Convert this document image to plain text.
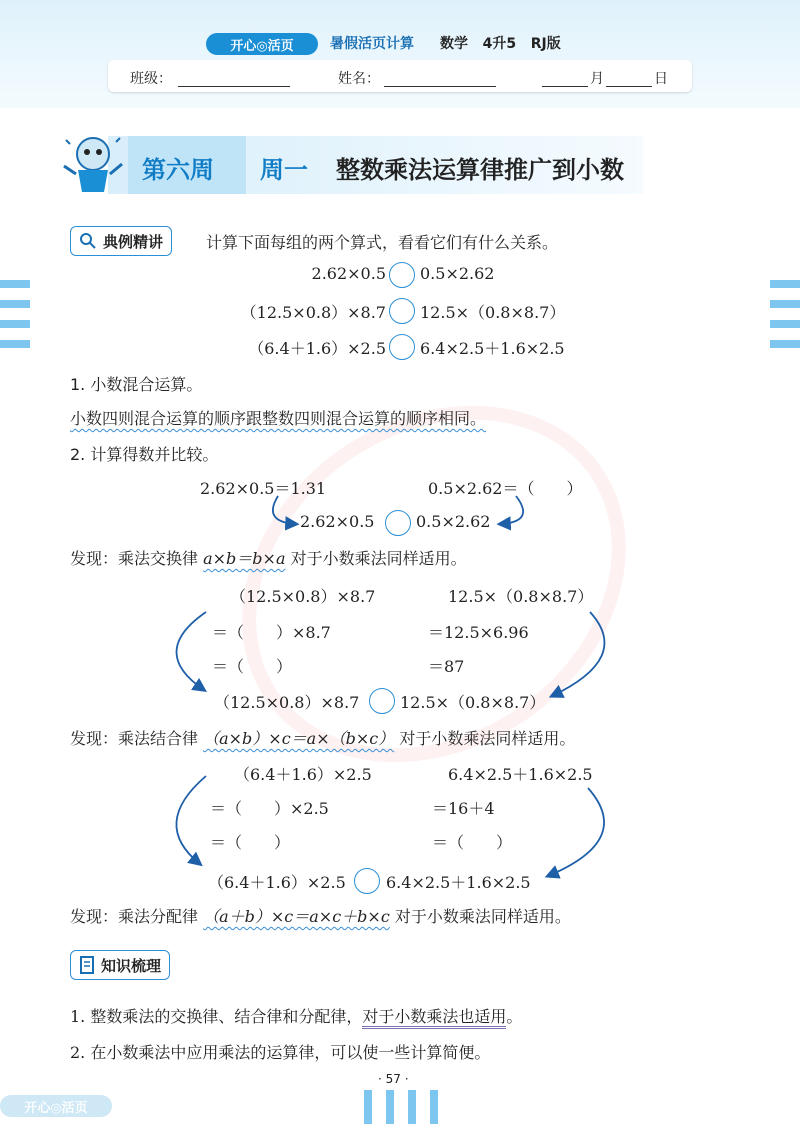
开心◎活页	暑假活页计算 数学 4升5 RJ版
班级：	姓名：	月	日
第六周 周一 整数乘法运算律推广到小数
典例精讲	计算下面每组的两个算式，看看它们有什么关系。
2.62×0.5 0.5×2.62
（12.5×0.8）×8.7 12.5×（0.8×8.7）
（6.4＋1.6）×2.5 6.4×2.5＋1.6×2.5
1. 小数混合运算。
小数四则混合运算的顺序跟整数四则混合运算的顺序相同。
2. 计算得数并比较。
2.62×0.5＝1.31	0.5×2.62＝（　　）
2.62×0.5	0.5×2.62
发现：乘法交换律 a×b＝b×a 对于小数乘法同样适用。
（12.5×0.8）×8.7	12.5×（0.8×8.7）
＝（　　）×8.7	＝12.5×6.96
＝（　　）	＝87
（12.5×0.8）×8.7	12.5×（0.8×8.7）
发现：乘法结合律 （a×b）×c＝a×（b×c） 对于小数乘法同样适用。
（6.4＋1.6）×2.5	6.4×2.5＋1.6×2.5
＝（　　）×2.5	＝16＋4
＝（　　）	＝（　　）
（6.4＋1.6）×2.5	6.4×2.5＋1.6×2.5
发现：乘法分配律 （a＋b）×c＝a×c＋b×c 对于小数乘法同样适用。
知识梳理
1. 整数乘法的交换律、结合律和分配律，对于小数乘法也适用。
2. 在小数乘法中应用乘法的运算律，可以使一些计算简便。
· 57 ·
开心◎活页
